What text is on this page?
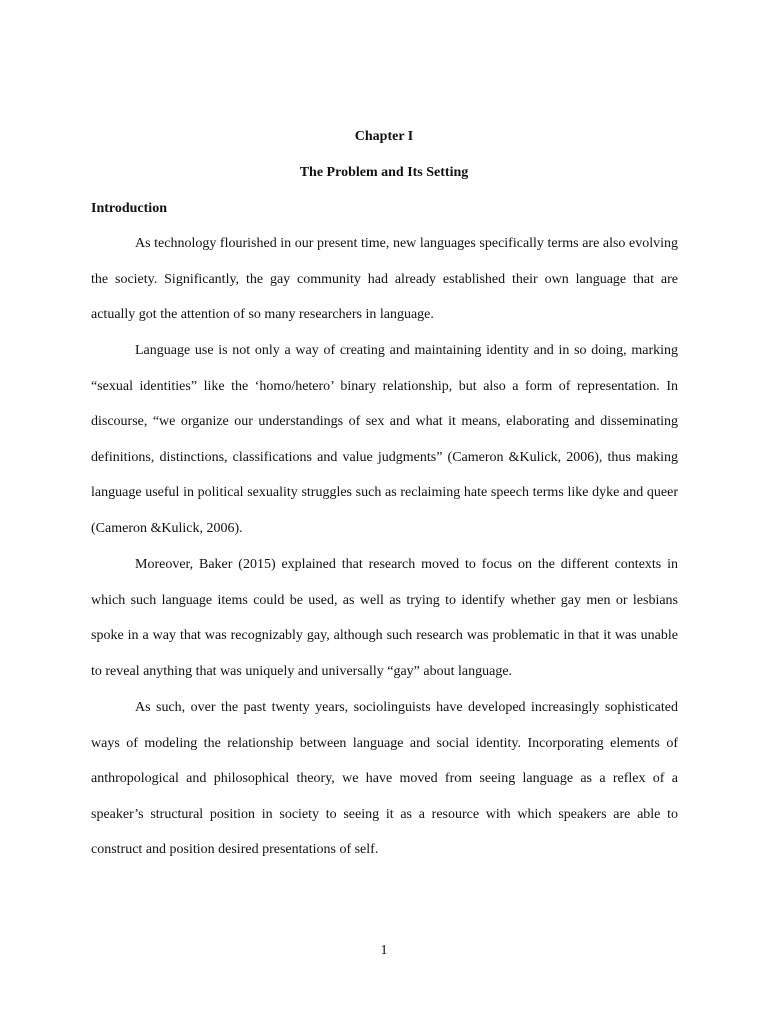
Chapter I

The Problem and Its Setting

Introduction

As technology flourished in our present time, new languages specifically terms are also evolving the society. Significantly, the gay community had already established their own language that are actually got the attention of so many researchers in language.

Language use is not only a way of creating and maintaining identity and in so doing, marking “sexual identities” like the ‘homo/hetero’ binary relationship, but also a form of representation. In discourse, “we organize our understandings of sex and what it means, elaborating and disseminating definitions, distinctions, classifications and value judgments” (Cameron &Kulick, 2006), thus making language useful in political sexuality struggles such as reclaiming hate speech terms like dyke and queer (Cameron &Kulick, 2006).

Moreover, Baker (2015) explained that research moved to focus on the different contexts in which such language items could be used, as well as trying to identify whether gay men or lesbians spoke in a way that was recognizably gay, although such research was problematic in that it was unable to reveal anything that was uniquely and universally “gay” about language.

As such, over the past twenty years, sociolinguists have developed increasingly sophisticated ways of modeling the relationship between language and social identity. Incorporating elements of anthropological and philosophical theory, we have moved from seeing language as a reflex of a speaker’s structural position in society to seeing it as a resource with which speakers are able to construct and position desired presentations of self.

1
